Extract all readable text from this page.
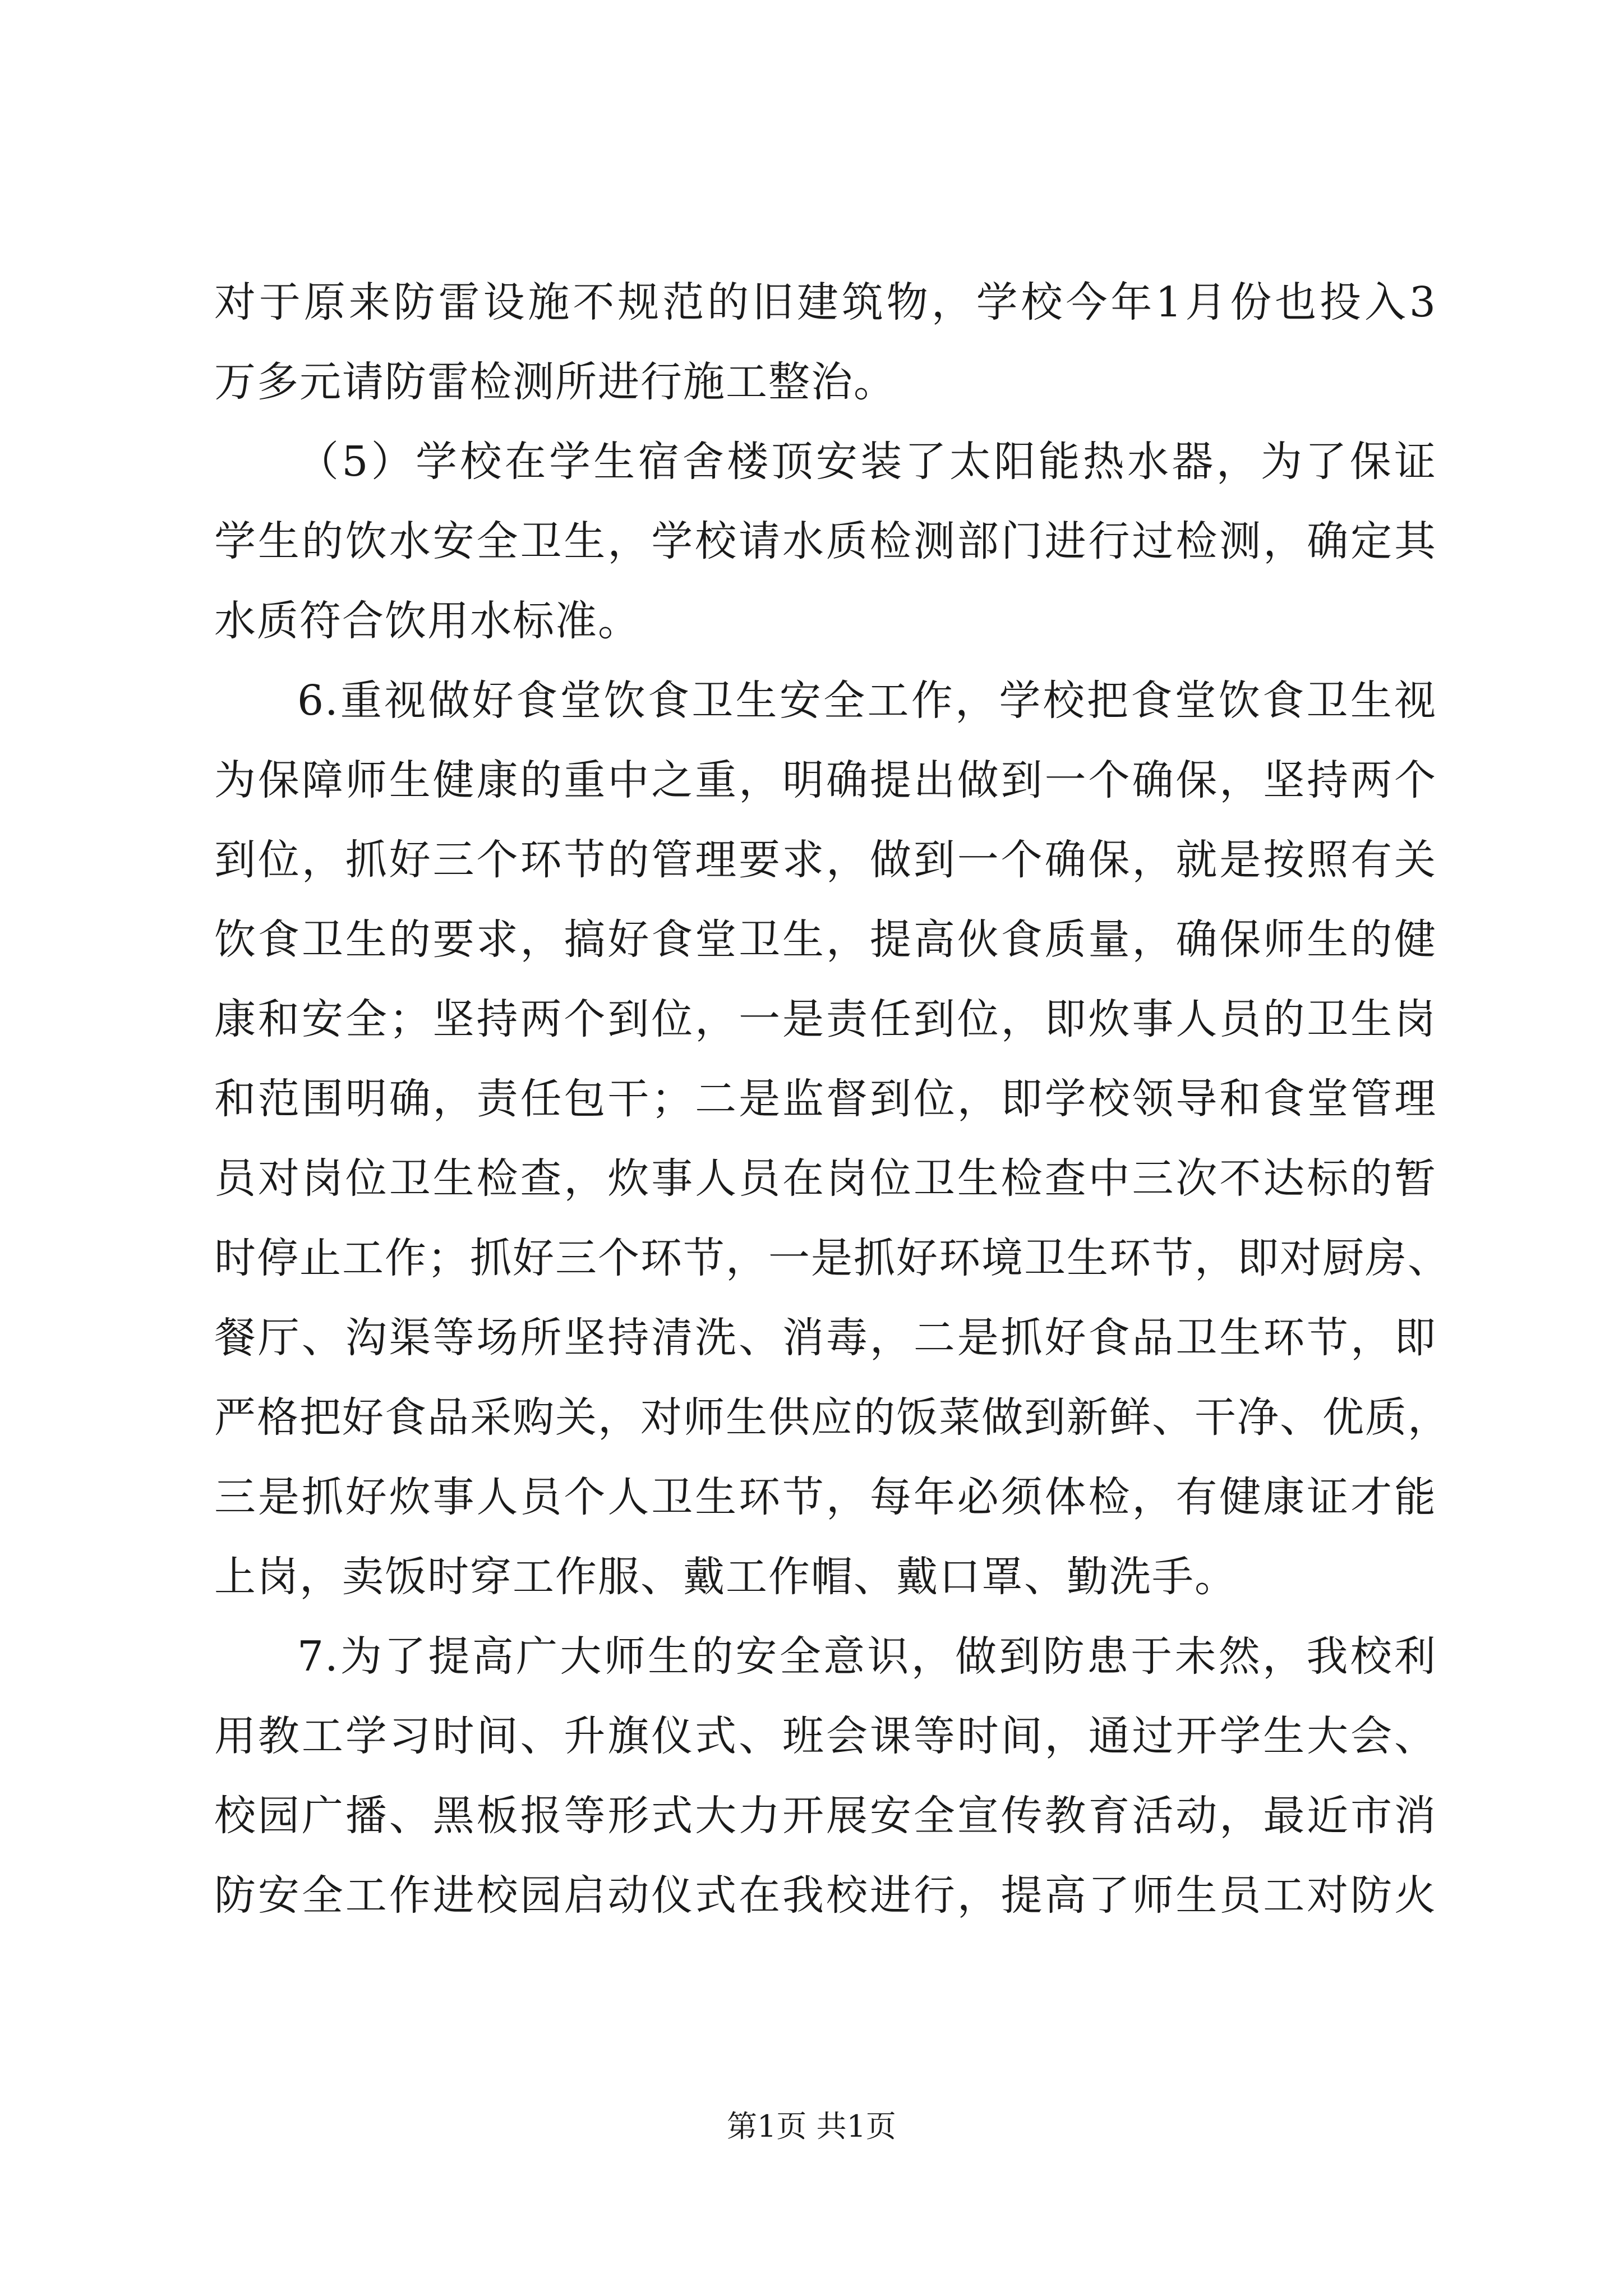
对于原来防雷设施不规范的旧建筑物，学校今年1月份也投入3
万多元请防雷检测所进行施工整治。
（5）学校在学生宿舍楼顶安装了太阳能热水器，为了保证
学生的饮水安全卫生，学校请水质检测部门进行过检测，确定其
水质符合饮用水标准。
6.重视做好食堂饮食卫生安全工作，学校把食堂饮食卫生视
为保障师生健康的重中之重，明确提出做到一个确保，坚持两个
到位，抓好三个环节的管理要求，做到一个确保，就是按照有关
饮食卫生的要求，搞好食堂卫生，提高伙食质量，确保师生的健
康和安全；坚持两个到位，一是责任到位，即炊事人员的卫生岗
和范围明确，责任包干；二是监督到位，即学校领导和食堂管理
员对岗位卫生检查，炊事人员在岗位卫生检查中三次不达标的暂
时停止工作；抓好三个环节，一是抓好环境卫生环节，即对厨房、
餐厅、沟渠等场所坚持清洗、消毒，二是抓好食品卫生环节，即
严格把好食品采购关，对师生供应的饭菜做到新鲜、干净、优质，
三是抓好炊事人员个人卫生环节，每年必须体检，有健康证才能
上岗，卖饭时穿工作服、戴工作帽、戴口罩、勤洗手。
7.为了提高广大师生的安全意识，做到防患于未然，我校利
用教工学习时间、升旗仪式、班会课等时间，通过开学生大会、
校园广播、黑板报等形式大力开展安全宣传教育活动，最近市消
防安全工作进校园启动仪式在我校进行，提高了师生员工对防火
第1页 共1页
